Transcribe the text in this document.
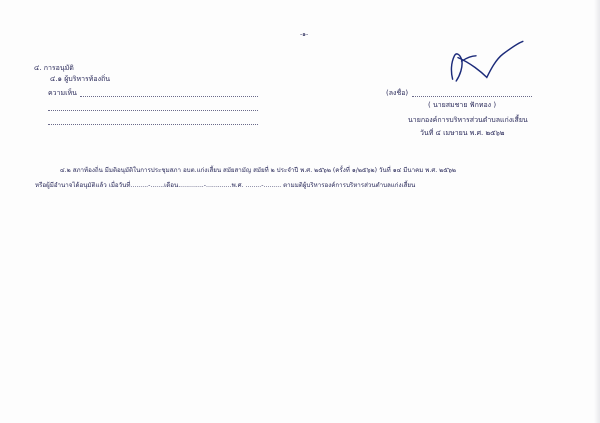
-๑-
๔. การอนุมัติ
๔.๑ ผู้บริหารท้องถิ่น
ความเห็น	(ลงชื่อ)
( นายสมชาย ฟักทอง )
นายกองค์การบริหารส่วนตำบลแก่งเสี้ยน
วันที่ ๔ เมษายน พ.ศ. ๒๕๖๒
๔.๒ สภาท้องถิ่น มีมติอนุมัติในการประชุมสภา อบต.แก่งเสี้ยน สมัยสามัญ สมัยที่ ๒ ประจำปี พ.ศ. ๒๕๖๒ (ครั้งที่ ๑/๒๕๖๒) วันที่ ๑๔ มีนาคม พ.ศ. ๒๕๖๒
หรือผู้มีอำนาจได้อนุมัติแล้ว เมื่อวันที่.........-.......เดือน.............-.............พ.ศ. ........-......... ตามมติผู้บริหารองค์การบริหารส่วนตำบลแก่งเสี้ยน
